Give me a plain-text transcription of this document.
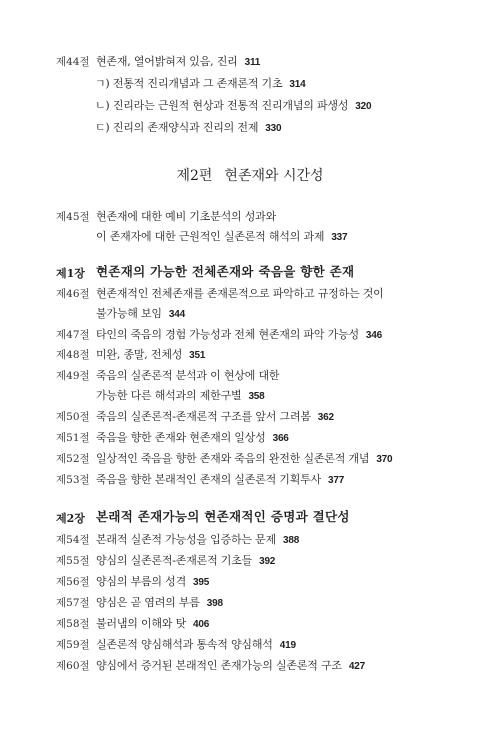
제44절 현존재, 열어밝혀져 있음, 진리 311
ㄱ) 전통적 진리개념과 그 존재론적 기초 314
ㄴ) 진리라는 근원적 현상과 전통적 진리개념의 파생성 320
ㄷ) 진리의 존재양식과 진리의 전제 330
제2편 현존재와 시간성
제45절 현존재에 대한 예비 기초분석의 성과와
이 존재자에 대한 근원적인 실존론적 해석의 과제 337
제1장 현존재의 가능한 전체존재와 죽음을 향한 존재
제46절 현존재적인 전체존재를 존재론적으로 파악하고 규정하는 것이
불가능해 보임 344
제47절 타인의 죽음의 경험 가능성과 전체 현존재의 파악 가능성 346
제48절 미완, 종말, 전체성 351
제49절 죽음의 실존론적 분석과 이 현상에 대한
가능한 다른 해석과의 제한구별 358
제50절 죽음의 실존론적-존재론적 구조를 앞서 그려봄 362
제51절 죽음을 향한 존재와 현존재의 일상성 366
제52절 일상적인 죽음을 향한 존재와 죽음의 완전한 실존론적 개념 370
제53절 죽음을 향한 본래적인 존재의 실존론적 기획투사 377
제2장 본래적 존재가능의 현존재적인 증명과 결단성
제54절 본래적 실존적 가능성을 입증하는 문제 388
제55절 양심의 실존론적-존재론적 기초들 392
제56절 양심의 부름의 성격 395
제57절 양심은 곧 염려의 부름 398
제58절 불러냄의 이해와 탓 406
제59절 실존론적 양심해석과 통속적 양심해석 419
제60절 양심에서 증거된 본래적인 존재가능의 실존론적 구조 427
